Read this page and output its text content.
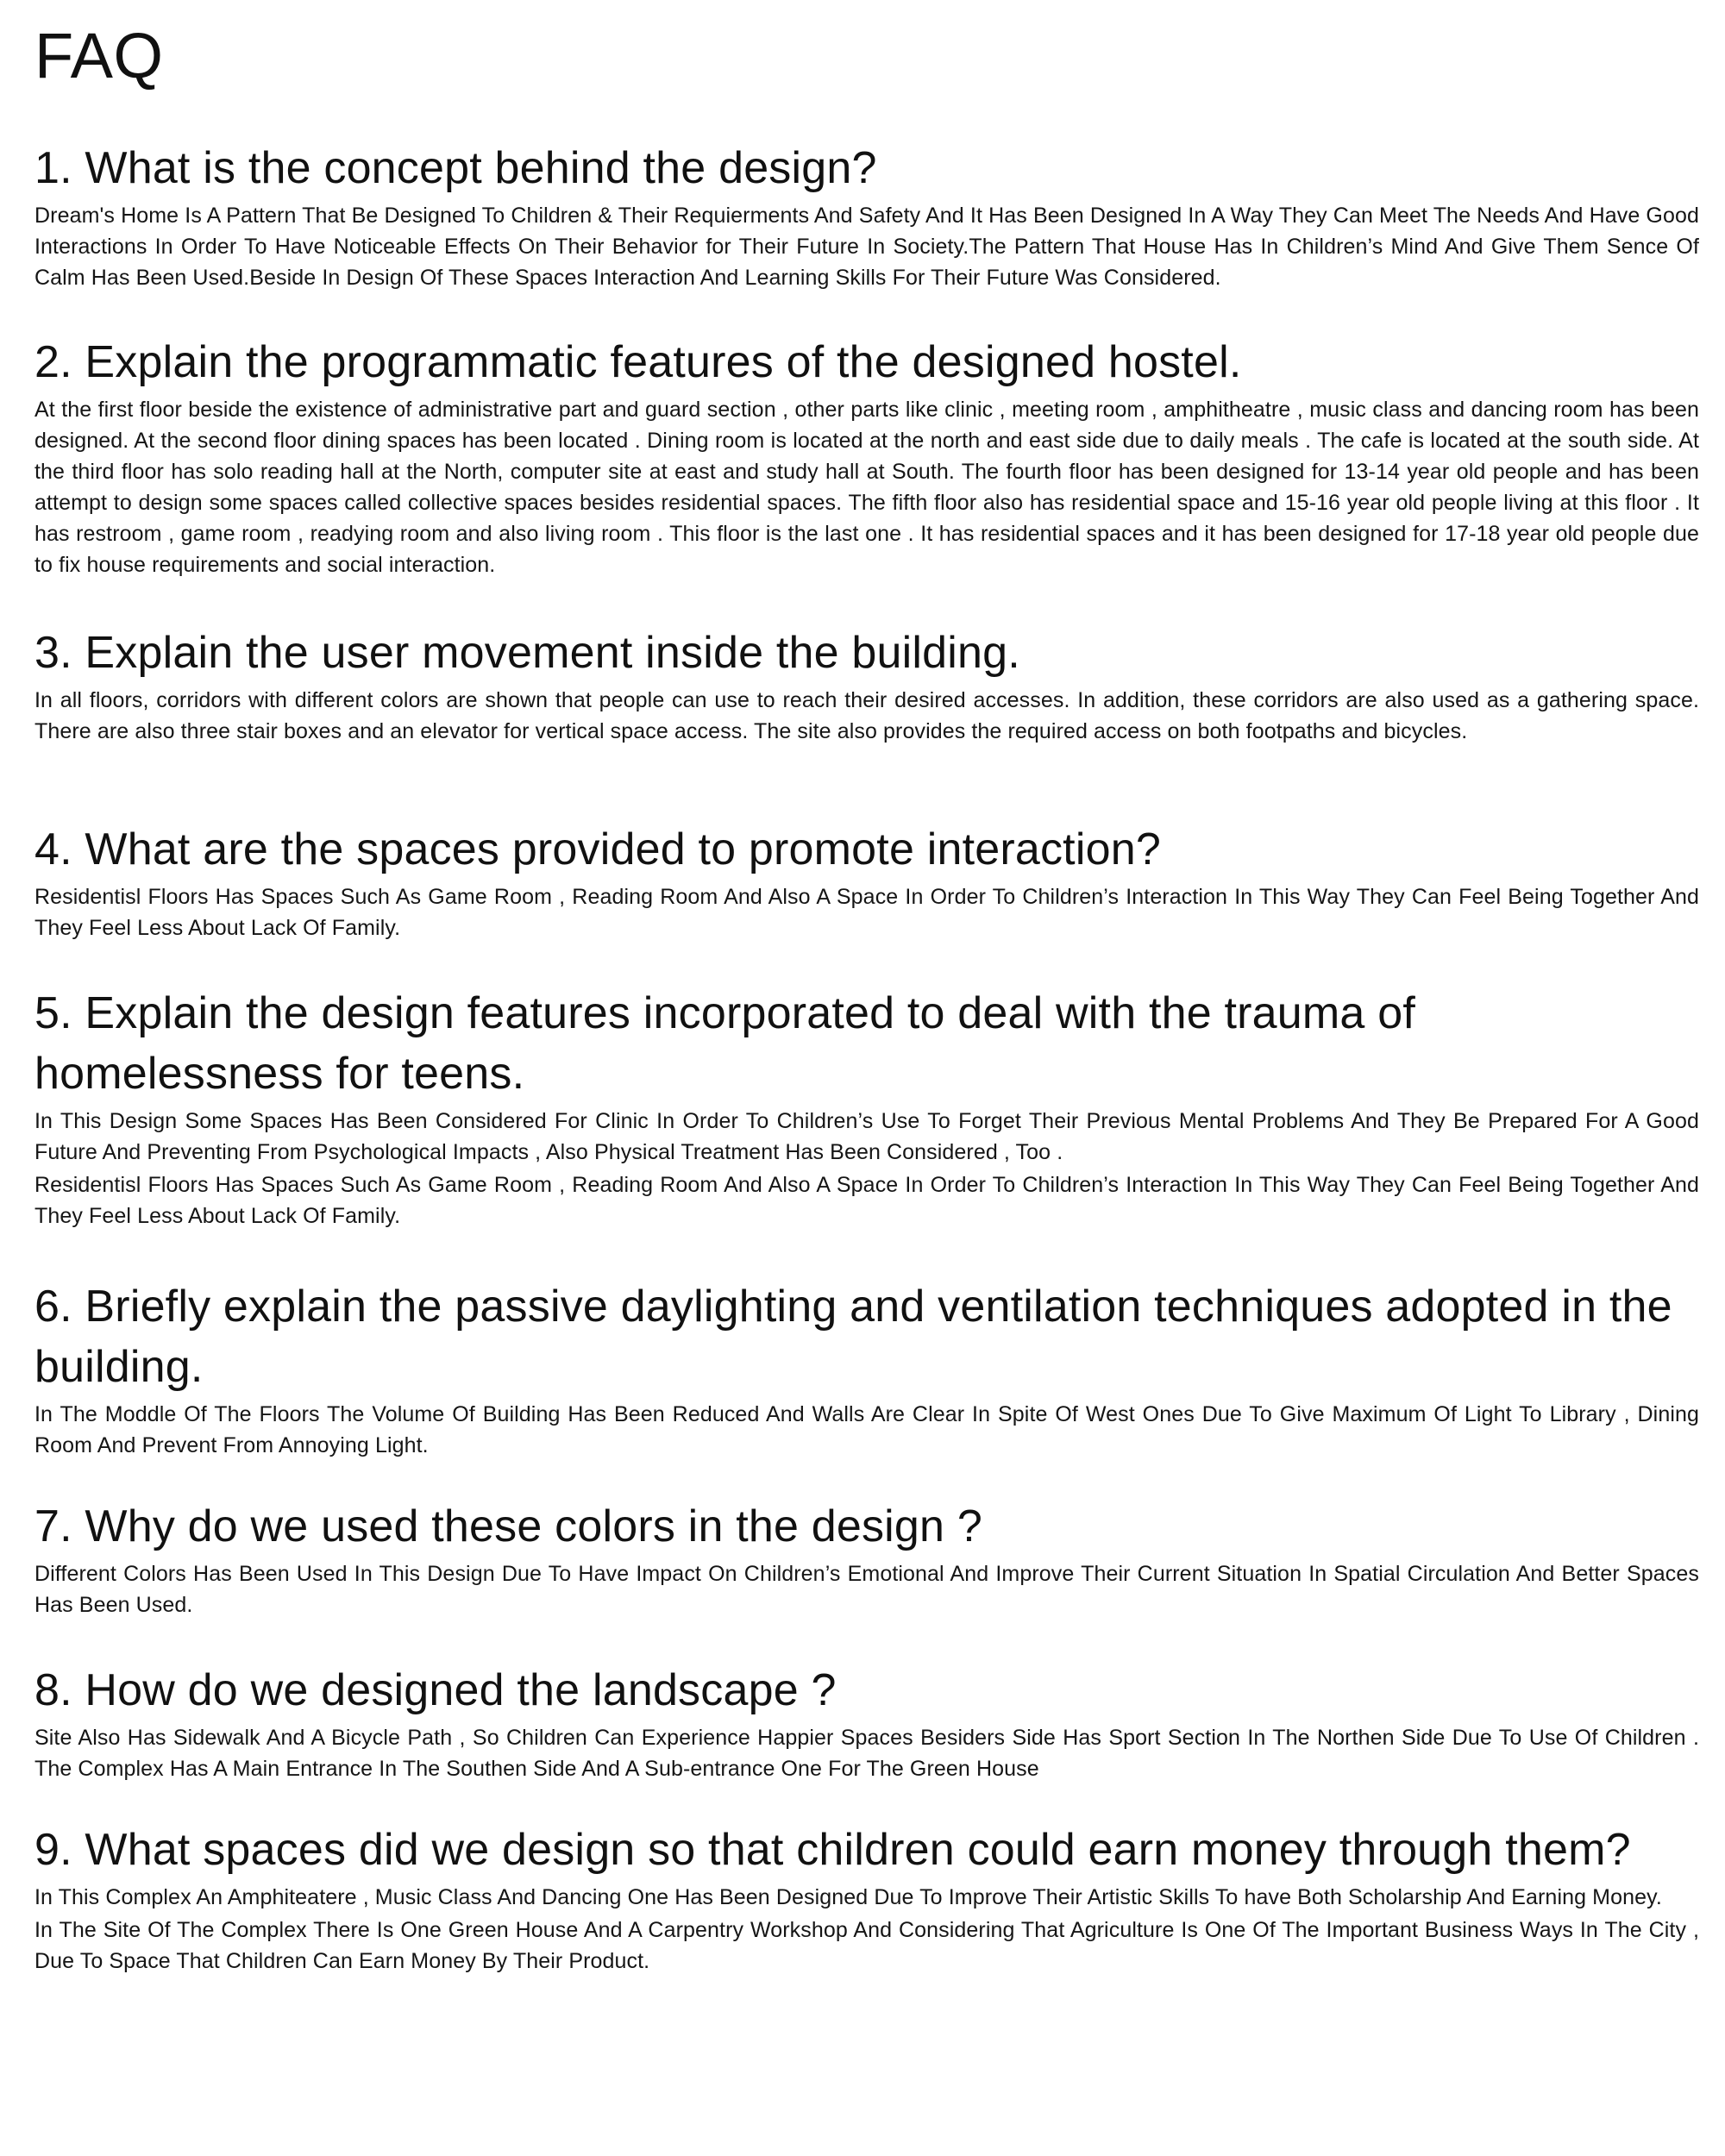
FAQ
1. What is the concept behind the design?

Dream's Home Is A Pattern That Be Designed To Children & Their Requierments And Safety And It Has Been Designed In A Way They Can Meet The Needs And Have Good Interactions In Order To Have Noticeable Effects On Their Behavior for Their Future In Society.The Pattern That House Has In Children’s Mind And Give Them Sence Of Calm Has Been Used.Beside In Design Of These Spaces Interaction And Learning Skills For Their Future Was Considered.

2. Explain the programmatic features of the designed hostel.

At the first floor beside the existence of administrative part and guard section , other parts like clinic , meeting room , amphitheatre , music class and dancing room has been designed. At the second floor dining spaces has been located . Dining room is located at the north and east side due to daily meals . The cafe is located at the south side. At the third floor has solo reading hall at the North, computer site at east and study hall at South. The fourth floor has been designed for 13-14 year old people and has been attempt to design some spaces called collective spaces besides residential spaces. The fifth floor also has residential space and 15-16 year old people living at this floor . It has restroom , game room , readying room and also living room . This floor is the last one . It has residential spaces and it has been designed for 17-18 year old people due to fix house requirements and social interaction.

3. Explain the user movement inside the building.

In all floors, corridors with different colors are shown that people can use to reach their desired accesses. In addition, these corridors are also used as a gathering space. There are also three stair boxes and an elevator for vertical space access. The site also provides the required access on both footpaths and bicycles.

4. What are the spaces provided to promote interaction?

Residentisl Floors Has Spaces Such As Game Room , Reading Room And Also A Space In Order To Children’s Interaction In This Way They Can Feel Being Together And They Feel Less About Lack Of Family.

5. Explain the design features incorporated to deal with the trauma of homelessness for teens.

In This Design Some Spaces Has Been Considered For Clinic In Order To Children’s Use To Forget Their Previous Mental Problems And They Be Prepared For A Good Future And Preventing From Psychological Impacts , Also Physical Treatment Has Been Considered , Too .

Residentisl Floors Has Spaces Such As Game Room , Reading Room And Also A Space In Order To Children’s Interaction In This Way They Can Feel Being Together And They Feel Less About Lack Of Family.

6. Briefly explain the passive daylighting and ventilation techniques adopted in the building.

In The Moddle Of The Floors The Volume Of Building Has Been Reduced And Walls Are Clear In Spite Of West Ones Due To Give Maximum Of Light To Library , Dining Room And Prevent From Annoying Light.

7. Why do we used these colors in the design ?

Different Colors Has Been Used In This Design Due To Have Impact On Children’s Emotional And Improve Their Current Situation In Spatial Circulation And Better Spaces Has Been Used.

8. How do we designed the landscape ?

Site Also Has Sidewalk And A Bicycle Path , So Children Can Experience Happier Spaces Besiders Side Has Sport Section In The Northen Side Due To Use Of Children . The Complex Has A Main Entrance In The Southen Side And A Sub-entrance One For The Green House

9. What spaces did we design so that children could earn money through them?

In This Complex An Amphiteatere , Music Class And Dancing One Has Been Designed Due To Improve Their Artistic Skills To have Both Scholarship And Earning Money.

In The Site Of The Complex There Is One Green House And A Carpentry Workshop And Considering That Agriculture Is One Of The Important Business Ways In The City , Due To Space That Children Can Earn Money By Their Product.
